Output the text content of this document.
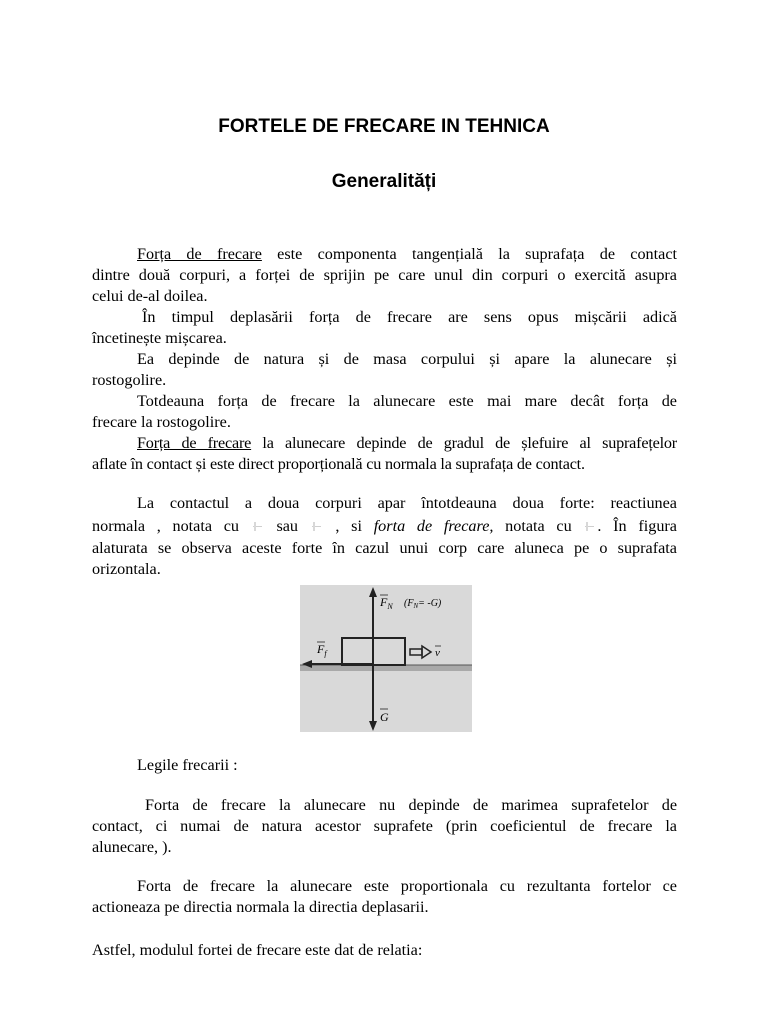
FORTELE DE FRECARE IN TEHNICA
Generalități
Forța de frecare este componenta tangențială la suprafața de contact
dintre două corpuri, a forței de sprijin pe care unul din corpuri o exercită asupra
celui de-al doilea.
În timpul deplasării forța de frecare are sens opus mișcării adică
încetinește mișcarea.
Ea depinde de natura și de masa corpului și apare la alunecare și
rostogolire.
Totdeauna forța de frecare la alunecare este mai mare decât forța de
frecare la rostogolire.
Forța de frecare la alunecare depinde de gradul de șlefuire al suprafețelor
aflate în contact și este direct proporțională cu normala la suprafața de contact.
La contactul a doua corpuri apar întotdeauna doua forte: reactiunea
normala , notata cu sau , si forta de frecare, notata cu . În figura
alaturata se observa aceste forte în cazul unui corp care aluneca pe o suprafata
orizontala.
$F_N$ $(F_N= -G)$
$F_f$	v
G
Legile frecarii :
Forta de frecare la alunecare nu depinde de marimea suprafetelor de
contact, ci numai de natura acestor suprafete (prin coeficientul de frecare la
alunecare, ).
Forta de frecare la alunecare este proportionala cu rezultanta fortelor ce
actioneaza pe directia normala la directia deplasarii.
Astfel, modulul fortei de frecare este dat de relatia:
